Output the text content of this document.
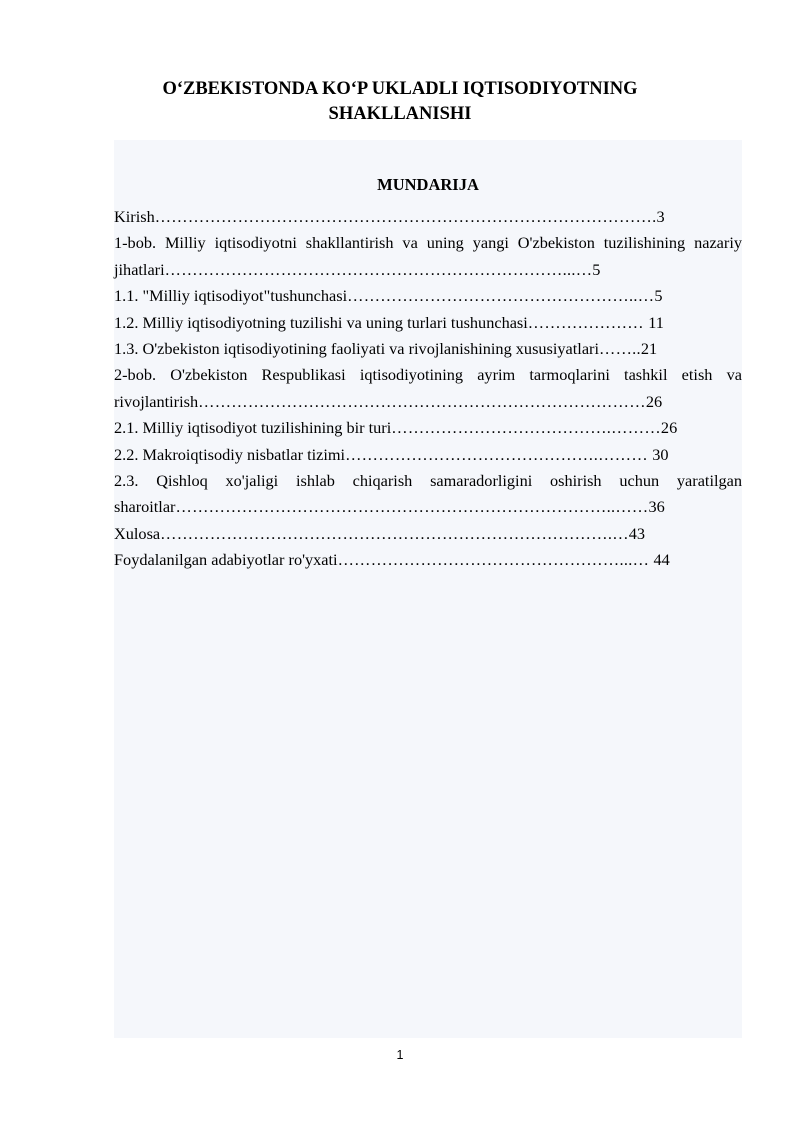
O‘ZBEKISTONDA KO‘P UKLADLI IQTISODIYOTNING
SHAKLLANISHI
MUNDARIJA
Kirish……………………………………………………………………………….3
1-bob. Milliy iqtisodiyotni shakllantirish va uning yangi O'zbekiston tuzilishining nazariy jihatlari………………………………………………………………...…5
1.1. "Milliy iqtisodiyot"tushunchasi……………………………………………..…5
1.2. Milliy iqtisodiyotning tuzilishi va uning turlari tushunchasi………………… 11
1.3. O'zbekiston iqtisodiyotining faoliyati va rivojlanishining xususiyatlari……..21
2-bob. O'zbekiston Respublikasi iqtisodiyotining ayrim tarmoqlarini tashkil etish va rivojlantirish………………………………………………………………………26
2.1. Milliy iqtisodiyot tuzilishining bir turi………………………………….………26
2.2. Makroiqtisodiy nisbatlar tizimi……………………………………….……… 30
2.3. Qishloq xo'jaligi ishlab chiqarish samaradorligini oshirish uchun yaratilgan sharoitlar……………………………………………………………………..……36
Xulosa……………………………………………………………………….…43
Foydalanilgan adabiyotlar ro'yxati……………………………………………...… 44
1
